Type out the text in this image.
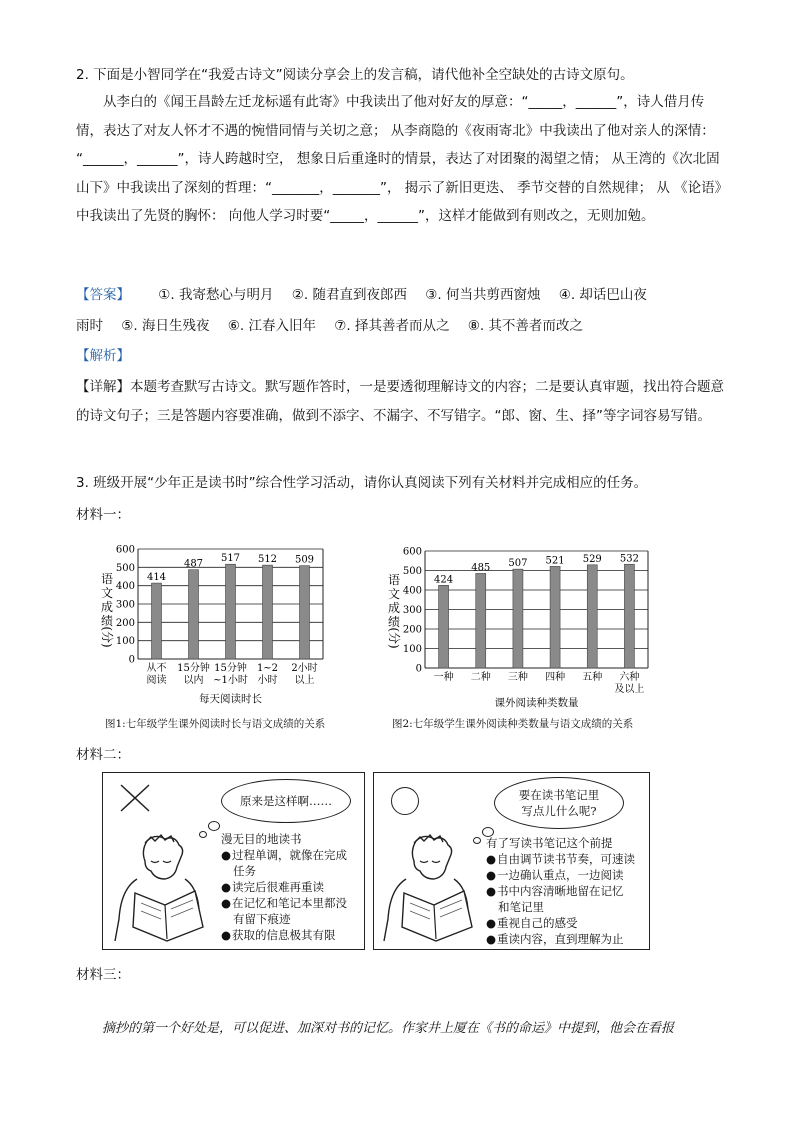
2. 下面是小智同学在“我爱古诗文”阅读分享会上的发言稿，请代他补全空缺处的古诗文原句。

从李白的《闻王昌龄左迁龙标遥有此寄》中我读出了他对好友的厚意：“_____，______”，诗人借月传情，表达了对友人怀才不遇的惋惜同情与关切之意； 从李商隐的《夜雨寄北》中我读出了他对亲人的深情： “______，______”，诗人跨越时空， 想象日后重逢时的情景，表达了对团聚的渴望之情； 从王湾的《次北固山下》中我读出了深刻的哲理：“_______，_______”， 揭示了新旧更迭、 季节交替的自然规律； 从 《论语》中我读出了先贤的胸怀： 向他人学习时要“_____，______”，这样才能做到有则改之，无则加勉。

【答案】 ①. 我寄愁心与明月 ②. 随君直到夜郎西 ③. 何当共剪西窗烛 ④. 却话巴山夜
雨时 ⑤. 海日生残夜 ⑥. 江春入旧年 ⑦. 择其善者而从之 ⑧. 其不善者而改之
【解析】

【详解】本题考查默写古诗文。默写题作答时，一是要透彻理解诗文的内容；二是要认真审题，找出符合题意的诗文句子；三是答题内容要准确，做到不添字、不漏字、不写错字。“郎、窗、生、择”等字词容易写错。

3. 班级开展“少年正是读书时”综合性学习活动，请你认真阅读下列有关材料并完成相应的任务。

材料一：
0
100
200
300
400
500
600
语
文
成
绩
(分)
414
从不
阅读
487
15分钟
以内
517
15分钟
~1小时
512
1~2
小时
509
2小时
以上
每天阅读时长
图1:七年级学生课外阅读时长与语文成绩的关系
0
100
200
300
400
500
600
语
文
成
绩
(分)
424
一种
485
二种
507
三种
521
四种
529
五种
532
六种
及以上
课外阅读种类数量
图2:七年级学生课外阅读种类数量与语文成绩的关系
材料二：
原来是这样啊……
漫无目的地读书
● 过程单调，就像在完成
任务
● 读完后很难再重读
● 在记忆和笔记本里都没
有留下痕迹
● 获取的信息极其有限
要在读书笔记里
写点儿什么呢?
有了写读书笔记这个前提
● 自由调节读书节奏，可速读
● 一边确认重点，一边阅读
● 书中内容清晰地留在记忆
和笔记里
● 重视自己的感受
● 重读内容，直到理解为止
材料三：

摘抄的第一个好处是，可以促进、加深对书的记忆。作家井上厦在《书的命运》中提到，他会在看报
